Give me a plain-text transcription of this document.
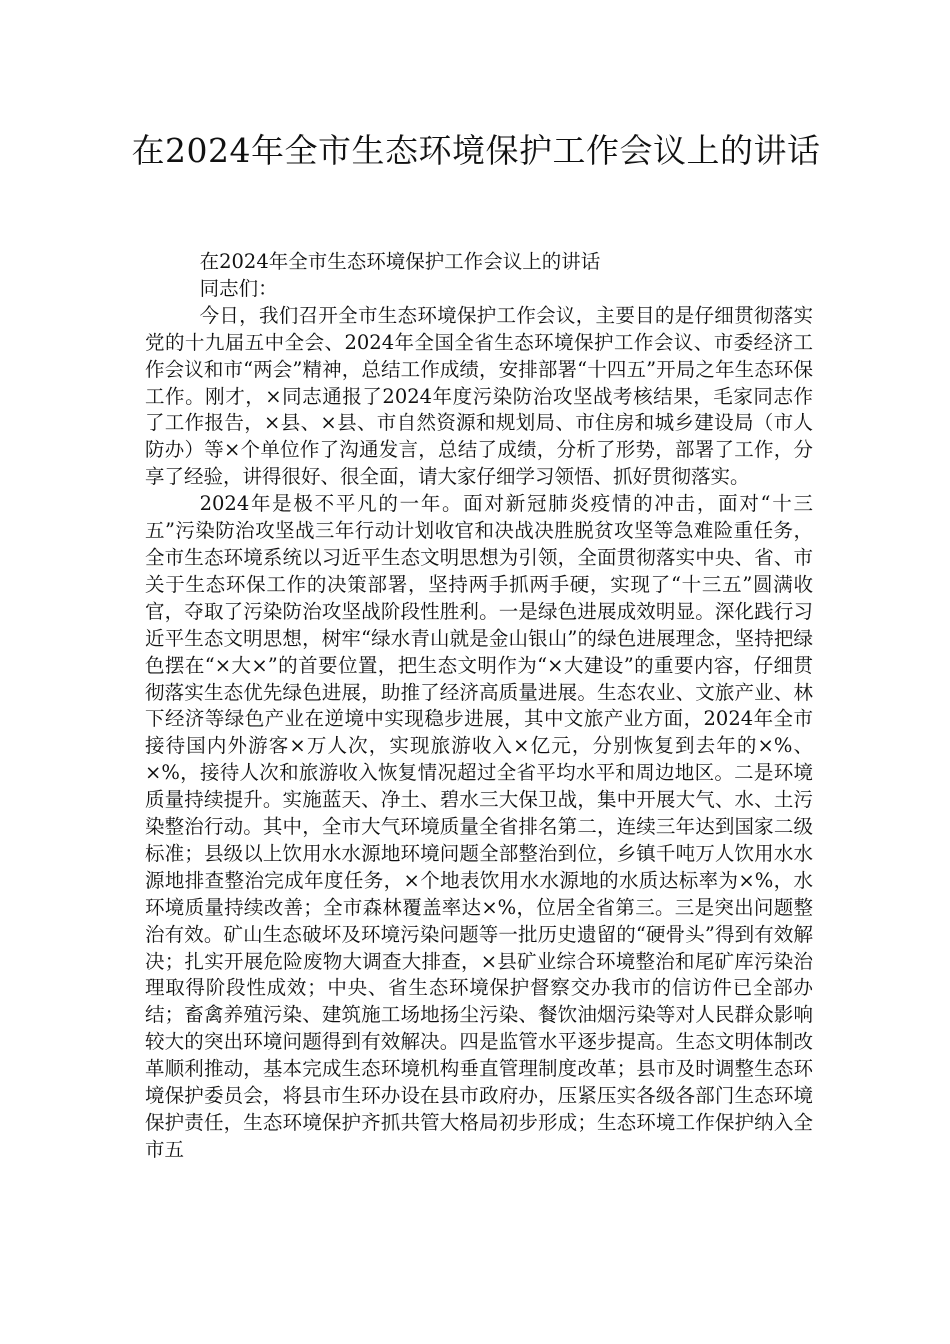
在2024年全市生态环境保护工作会议上的讲话

在2024年全市生态环境保护工作会议上的讲话

同志们：

今日，我们召开全市生态环境保护工作会议，主要目的是仔细贯彻落实党的十九届五中全会、2024年全国全省生态环境保护工作会议、市委经济工作会议和市“两会”精神，总结工作成绩，安排部署“十四五”开局之年生态环保工作。刚才，×同志通报了2024年度污染防治攻坚战考核结果，毛家同志作了工作报告，×县、×县、市自然资源和规划局、市住房和城乡建设局（市人防办）等×个单位作了沟通发言，总结了成绩，分析了形势，部署了工作，分享了经验，讲得很好、很全面，请大家仔细学习领悟、抓好贯彻落实。

2024年是极不平凡的一年。面对新冠肺炎疫情的冲击，面对“十三五”污染防治攻坚战三年行动计划收官和决战决胜脱贫攻坚等急难险重任务，全市生态环境系统以习近平生态文明思想为引领，全面贯彻落实中央、省、市关于生态环保工作的决策部署，坚持两手抓两手硬，实现了“十三五”圆满收官，夺取了污染防治攻坚战阶段性胜利。一是绿色进展成效明显。深化践行习近平生态文明思想，树牢“绿水青山就是金山银山”的绿色进展理念，坚持把绿色摆在“×大×”的首要位置，把生态文明作为“×大建设”的重要内容，仔细贯彻落实生态优先绿色进展，助推了经济高质量进展。生态农业、文旅产业、林下经济等绿色产业在逆境中实现稳步进展，其中文旅产业方面，2024年全市接待国内外游客×万人次，实现旅游收入×亿元，分别恢复到去年的×%、×%，接待人次和旅游收入恢复情况超过全省平均水平和周边地区。二是环境质量持续提升。实施蓝天、净土、碧水三大保卫战，集中开展大气、水、土污染整治行动。其中，全市大气环境质量全省排名第二，连续三年达到国家二级标准；县级以上饮用水水源地环境问题全部整治到位，乡镇千吨万人饮用水水源地排查整治完成年度任务，×个地表饮用水水源地的水质达标率为×%，水环境质量持续改善；全市森林覆盖率达×%，位居全省第三。三是突出问题整治有效。矿山生态破坏及环境污染问题等一批历史遗留的“硬骨头”得到有效解决；扎实开展危险废物大调查大排查，×县矿业综合环境整治和尾矿库污染治理取得阶段性成效；中央、省生态环境保护督察交办我市的信访件已全部办结；畜禽养殖污染、建筑施工场地扬尘污染、餐饮油烟污染等对人民群众影响较大的突出环境问题得到有效解决。四是监管水平逐步提高。生态文明体制改革顺利推动，基本完成生态环境机构垂直管理制度改革；县市及时调整生态环境保护委员会，将县市生环办设在县市政府办，压紧压实各级各部门生态环境保护责任，生态环境保护齐抓共管大格局初步形成；生态环境工作保护纳入全市五
